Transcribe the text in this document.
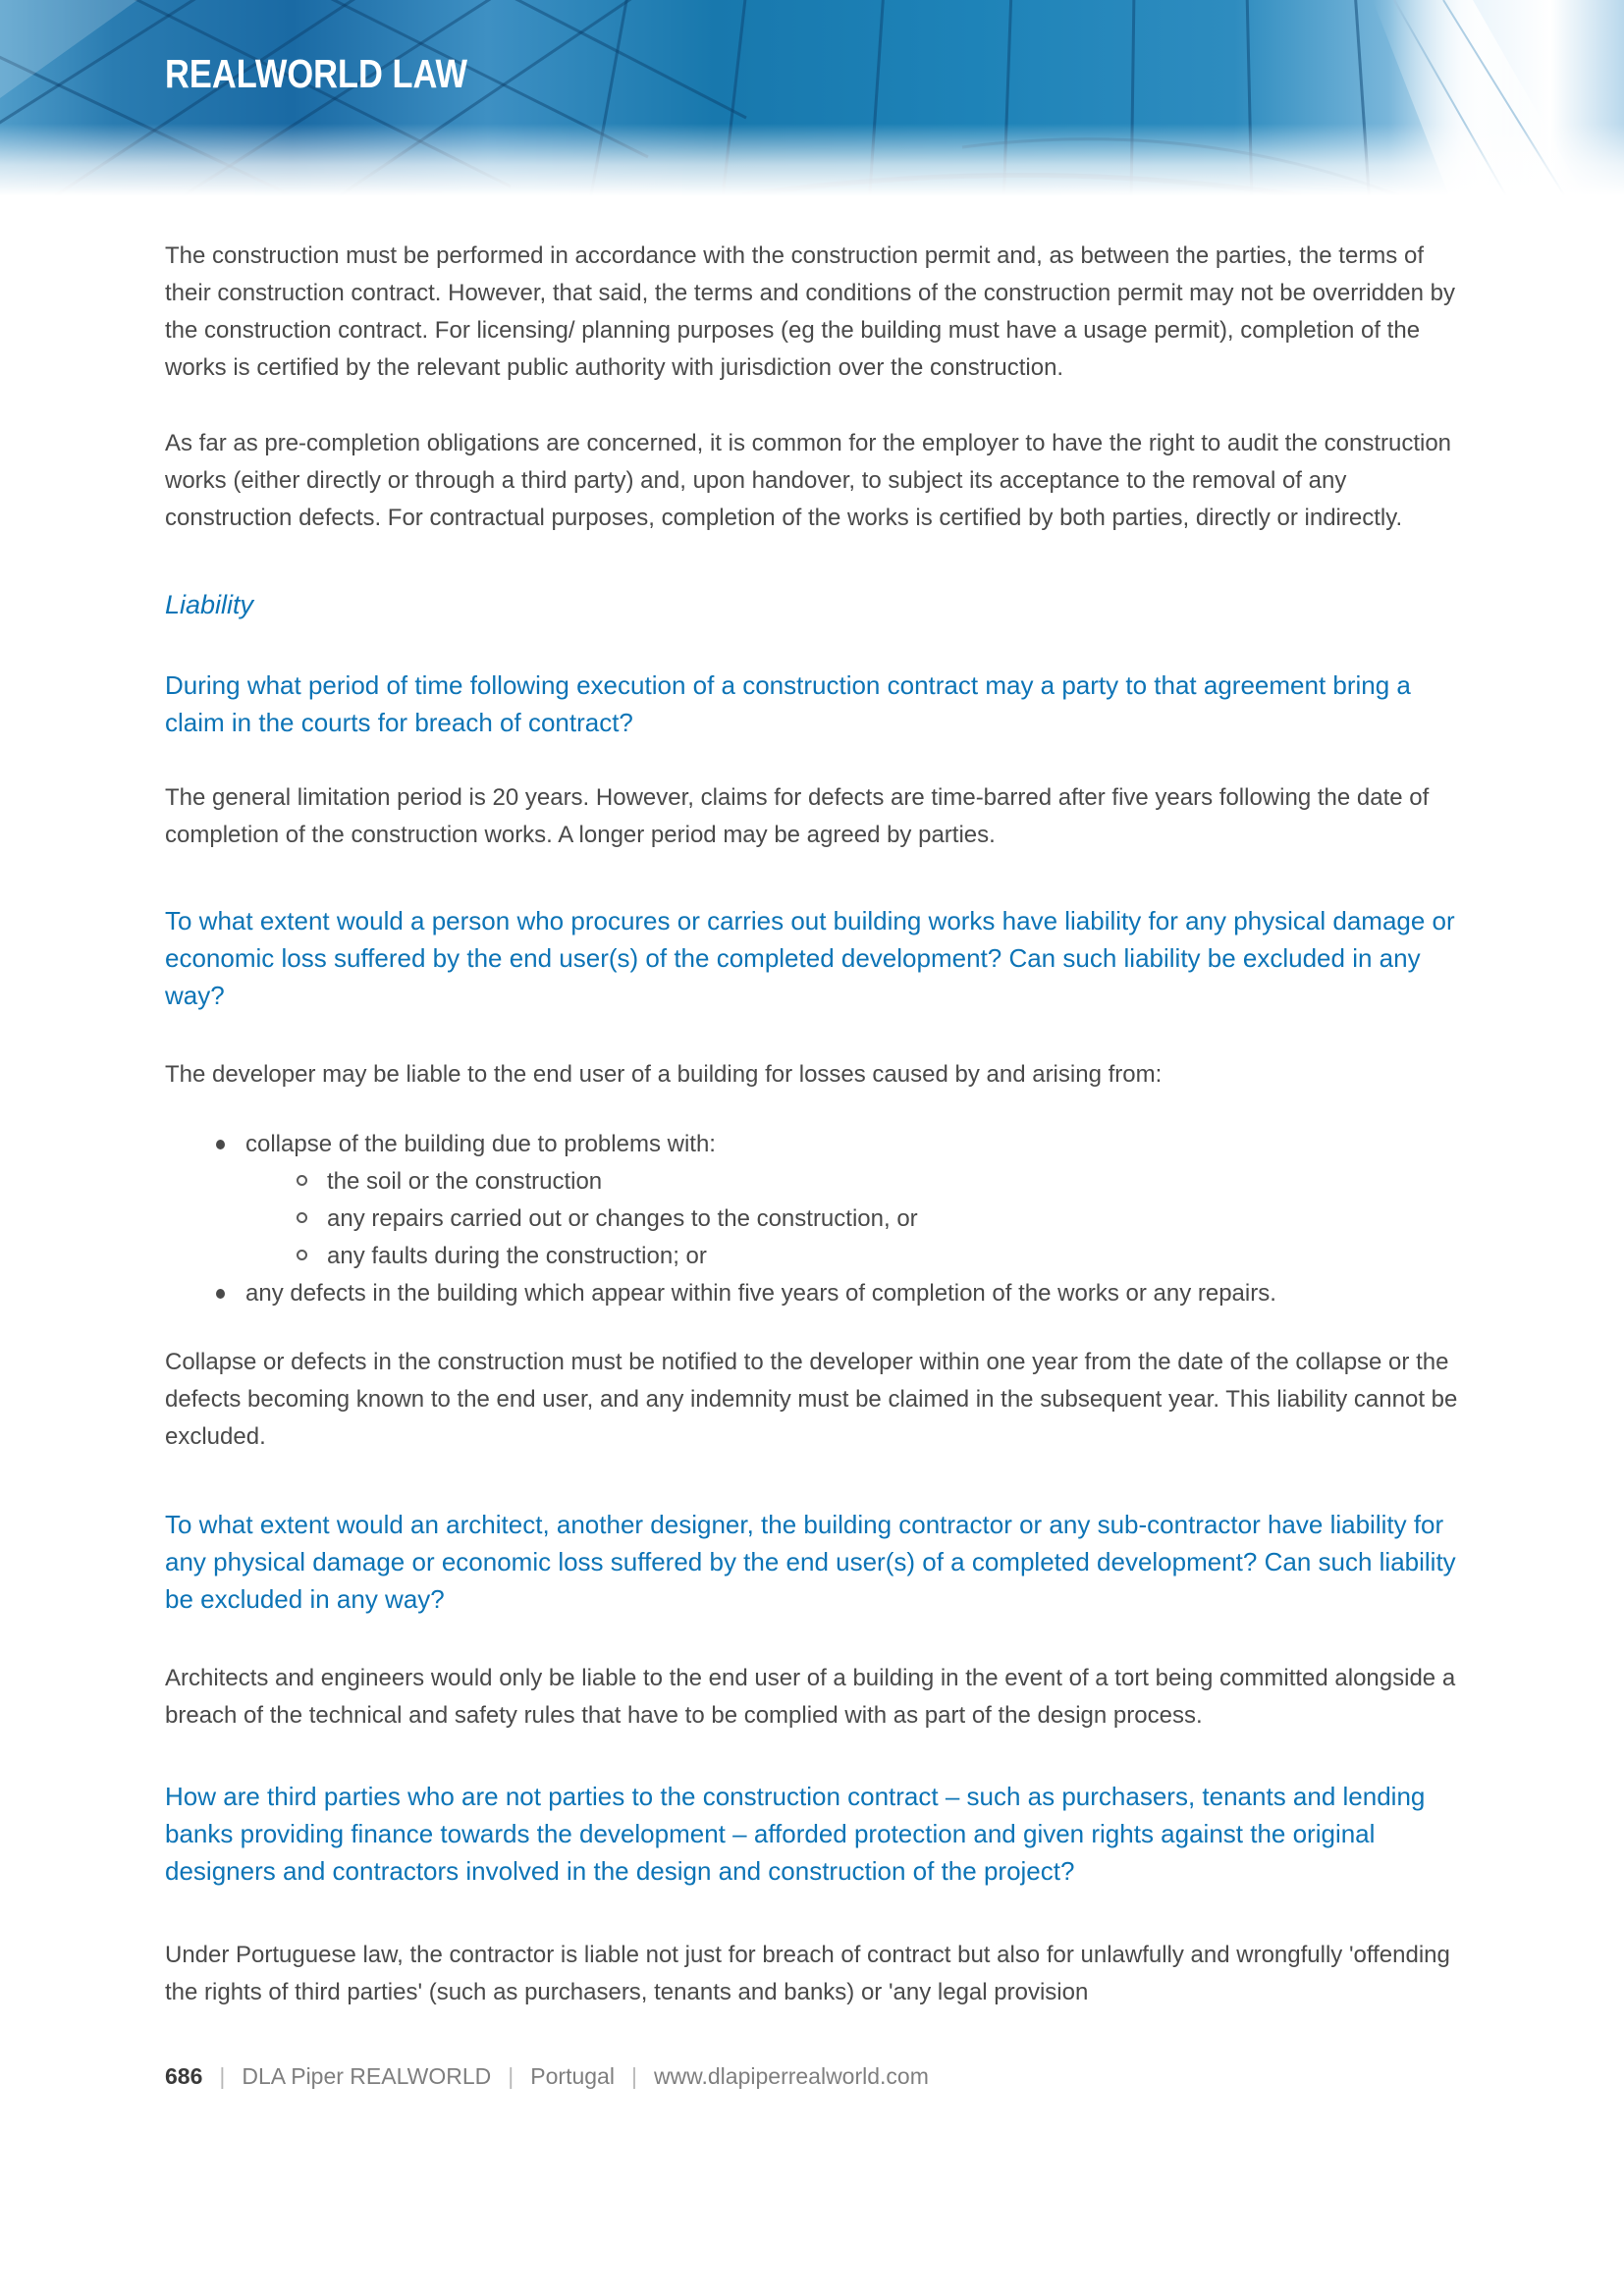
REALWORLD LAW

The construction must be performed in accordance with the construction permit and, as between the parties, the terms of their construction contract. However, that said, the terms and conditions of the construction permit may not be overridden by the construction contract. For licensing/ planning purposes (eg the building must have a usage permit), completion of the works is certified by the relevant public authority with jurisdiction over the construction.

As far as pre-completion obligations are concerned, it is common for the employer to have the right to audit the construction works (either directly or through a third party) and, upon handover, to subject its acceptance to the removal of any construction defects. For contractual purposes, completion of the works is certified by both parties, directly or indirectly.

Liability
During what period of time following execution of a construction contract may a party to that agreement bring a claim in the courts for breach of contract?

The general limitation period is 20 years. However, claims for defects are time-barred after five years following the date of completion of the construction works. A longer period may be agreed by parties.

To what extent would a person who procures or carries out building works have liability for any physical damage or economic loss suffered by the end user(s) of the completed development? Can such liability be excluded in any way?

The developer may be liable to the end user of a building for losses caused by and arising from:

collapse of the building due to problems with:
the soil or the construction
any repairs carried out or changes to the construction, or
any faults during the construction; or
any defects in the building which appear within five years of completion of the works or any repairs.

Collapse or defects in the construction must be notified to the developer within one year from the date of the collapse or the defects becoming known to the end user, and any indemnity must be claimed in the subsequent year. This liability cannot be excluded.

To what extent would an architect, another designer, the building contractor or any sub-contractor have liability for any physical damage or economic loss suffered by the end user(s) of a completed development? Can such liability be excluded in any way?

Architects and engineers would only be liable to the end user of a building in the event of a tort being committed alongside a breach of the technical and safety rules that have to be complied with as part of the design process.

How are third parties who are not parties to the construction contract – such as purchasers, tenants and lending banks providing finance towards the development – afforded protection and given rights against the original designers and contractors involved in the design and construction of the project?

Under Portuguese law, the contractor is liable not just for breach of contract but also for unlawfully and wrongfully 'offending the rights of third parties' (such as purchasers, tenants and banks) or 'any legal provision

686 | DLA Piper REALWORLD | Portugal | www.dlapiperrealworld.com
